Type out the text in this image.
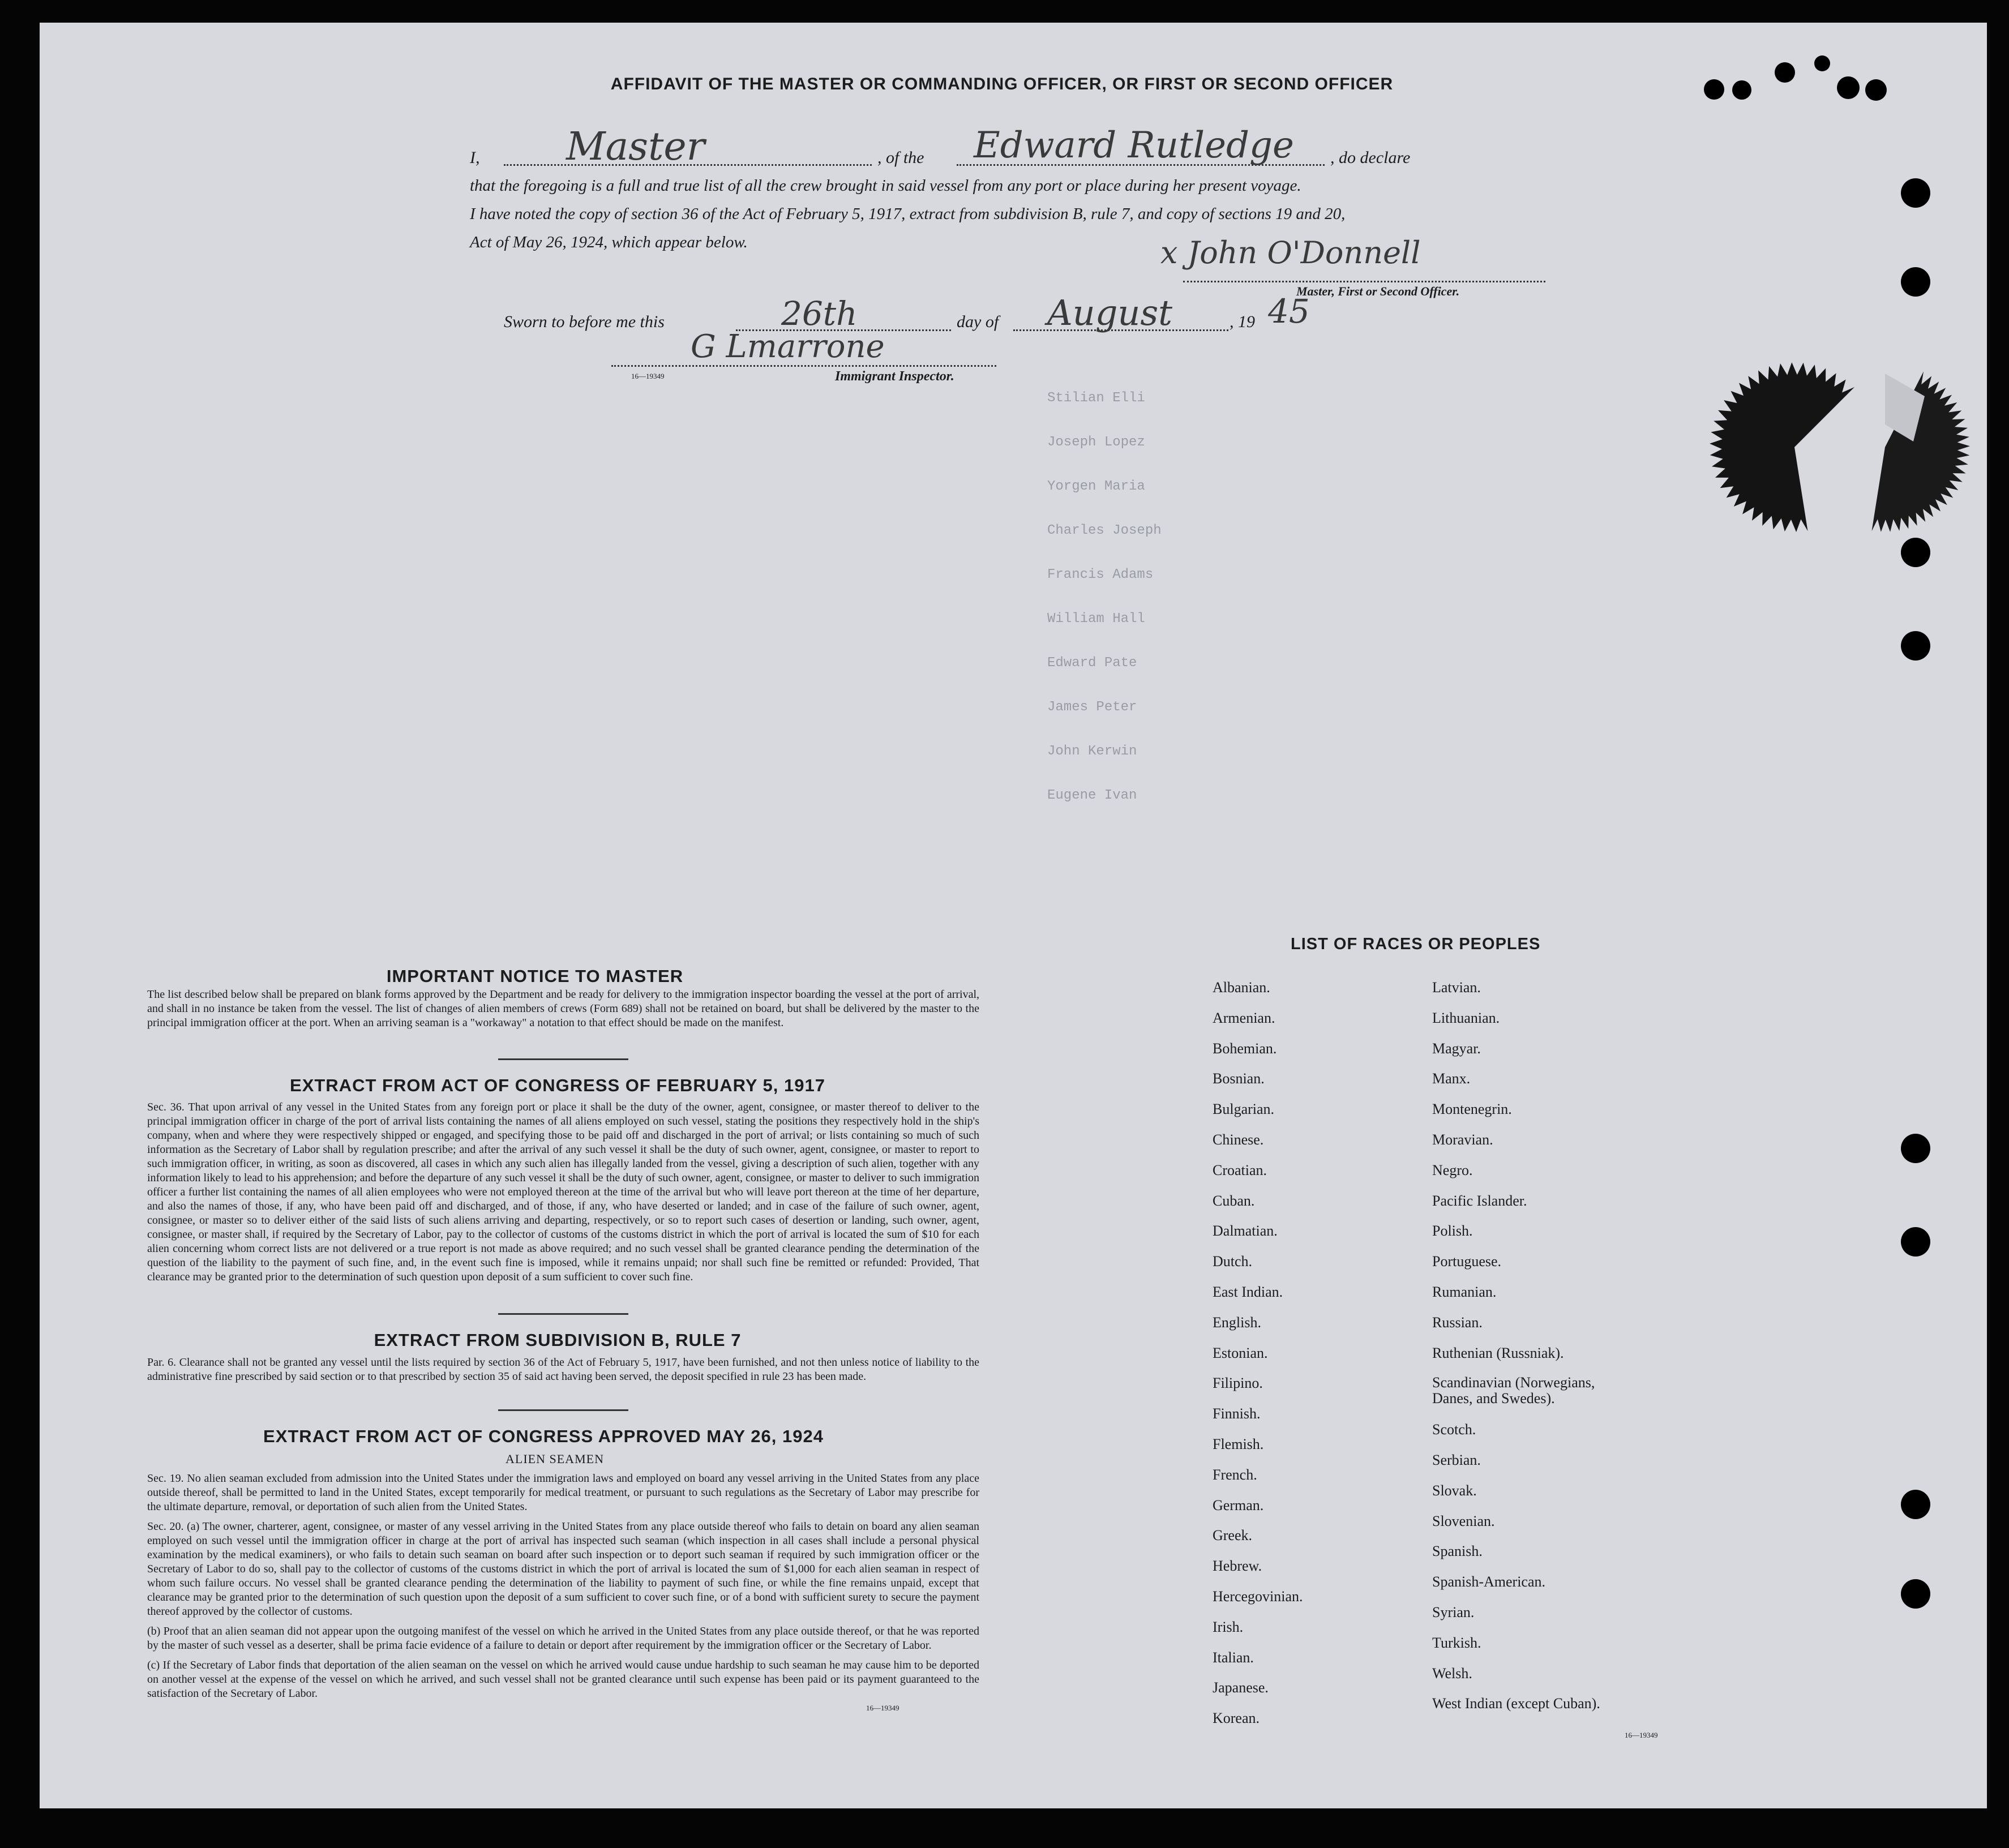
Stilian Elli
Joseph Lopez
Yorgen Maria
Charles Joseph
Francis Adams
William Hall
Edward Pate
James Peter
John Kerwin
Eugene Ivan
AFFIDAVIT OF THE MASTER OR COMMANDING OFFICER, OR FIRST OR SECOND OFFICER
I, Master	, of the Edward Rutledge , do declare
that the foregoing is a full and true list of all the crew brought in said vessel from any port or place during her present voyage.
I have noted the copy of section 36 of the Act of February 5, 1917, extract from subdivision B, rule 7, and copy of sections 19 and 20,
Act of May 26, 1924, which appear below.	x John O'Donnell
Master, First or Second Officer.
Sworn to before me this	26th	day of August	, 19 45
G Lmarrone
16—19349	Immigrant Inspector.
IMPORTANT NOTICE TO MASTER
The list described below shall be prepared on blank forms approved by the Department and be ready for delivery to the immigration inspector boarding the vessel at the port of arrival, and shall in no instance be taken from the vessel. The list of changes of alien members of crews (Form 689) shall not be retained on board, but shall be delivered by the master to the principal immigration officer at the port. When an arriving seaman is a "workaway" a notation to that effect should be made on the manifest.
EXTRACT FROM ACT OF CONGRESS OF FEBRUARY 5, 1917
Sec. 36. That upon arrival of any vessel in the United States from any foreign port or place it shall be the duty of the owner, agent, consignee, or master thereof to deliver to the principal immigration officer in charge of the port of arrival lists containing the names of all aliens employed on such vessel, stating the positions they respectively hold in the ship's company, when and where they were respectively shipped or engaged, and specifying those to be paid off and discharged in the port of arrival; or lists containing so much of such information as the Secretary of Labor shall by regulation prescribe; and after the arrival of any such vessel it shall be the duty of such owner, agent, consignee, or master to report to such immigration officer, in writing, as soon as discovered, all cases in which any such alien has illegally landed from the vessel, giving a description of such alien, together with any information likely to lead to his apprehension; and before the departure of any such vessel it shall be the duty of such owner, agent, consignee, or master to deliver to such immigration officer a further list containing the names of all alien employees who were not employed thereon at the time of the arrival but who will leave port thereon at the time of her departure, and also the names of those, if any, who have been paid off and discharged, and of those, if any, who have deserted or landed; and in case of the failure of such owner, agent, consignee, or master so to deliver either of the said lists of such aliens arriving and departing, respectively, or so to report such cases of desertion or landing, such owner, agent, consignee, or master shall, if required by the Secretary of Labor, pay to the collector of customs of the customs district in which the port of arrival is located the sum of $10 for each alien concerning whom correct lists are not delivered or a true report is not made as above required; and no such vessel shall be granted clearance pending the determination of the question of the liability to the payment of such fine, and, in the event such fine is imposed, while it remains unpaid; nor shall such fine be remitted or refunded: Provided, That clearance may be granted prior to the determination of such question upon deposit of a sum sufficient to cover such fine.
EXTRACT FROM SUBDIVISION B, RULE 7
Par. 6. Clearance shall not be granted any vessel until the lists required by section 36 of the Act of February 5, 1917, have been furnished, and not then unless notice of liability to the administrative fine prescribed by said section or to that prescribed by section 35 of said act having been served, the deposit specified in rule 23 has been made.
EXTRACT FROM ACT OF CONGRESS APPROVED MAY 26, 1924
ALIEN SEAMEN
Sec. 19. No alien seaman excluded from admission into the United States under the immigration laws and employed on board any vessel arriving in the United States from any place outside thereof, shall be permitted to land in the United States, except temporarily for medical treatment, or pursuant to such regulations as the Secretary of Labor may prescribe for the ultimate departure, removal, or deportation of such alien from the United States.
Sec. 20. (a) The owner, charterer, agent, consignee, or master of any vessel arriving in the United States from any place outside thereof who fails to detain on board any alien seaman employed on such vessel until the immigration officer in charge at the port of arrival has inspected such seaman (which inspection in all cases shall include a personal physical examination by the medical examiners), or who fails to detain such seaman on board after such inspection or to deport such seaman if required by such immigration officer or the Secretary of Labor to do so, shall pay to the collector of customs of the customs district in which the port of arrival is located the sum of $1,000 for each alien seaman in respect of whom such failure occurs. No vessel shall be granted clearance pending the determination of the liability to payment of such fine, or while the fine remains unpaid, except that clearance may be granted prior to the determination of such question upon the deposit of a sum sufficient to cover such fine, or of a bond with sufficient surety to secure the payment thereof approved by the collector of customs.
(b) Proof that an alien seaman did not appear upon the outgoing manifest of the vessel on which he arrived in the United States from any place outside thereof, or that he was reported by the master of such vessel as a deserter, shall be prima facie evidence of a failure to detain or deport after requirement by the immigration officer or the Secretary of Labor.
(c) If the Secretary of Labor finds that deportation of the alien seaman on the vessel on which he arrived would cause undue hardship to such seaman he may cause him to be deported on another vessel at the expense of the vessel on which he arrived, and such vessel shall not be granted clearance until such expense has been paid or its payment guaranteed to the satisfaction of the Secretary of Labor.
16—19349
LIST OF RACES OR PEOPLES
Albanian.
Armenian.
Bohemian.
Bosnian.
Bulgarian.
Chinese.
Croatian.
Cuban.
Dalmatian.
Dutch.
East Indian.
English.
Estonian.
Filipino.
Finnish.
Flemish.
French.
German.
Greek.
Hebrew.
Hercegovinian.
Irish.
Italian.
Japanese.
Korean.
Latvian.
Lithuanian.
Magyar.
Manx.
Montenegrin.
Moravian.
Negro.
Pacific Islander.
Polish.
Portuguese.
Rumanian.
Russian.
Ruthenian (Russniak).
Scandinavian (Norwegians, Danes, and Swedes).
Scotch.
Serbian.
Slovak.
Slovenian.
Spanish.
Spanish-American.
Syrian.
Turkish.
Welsh.
West Indian (except Cuban).
16—19349
